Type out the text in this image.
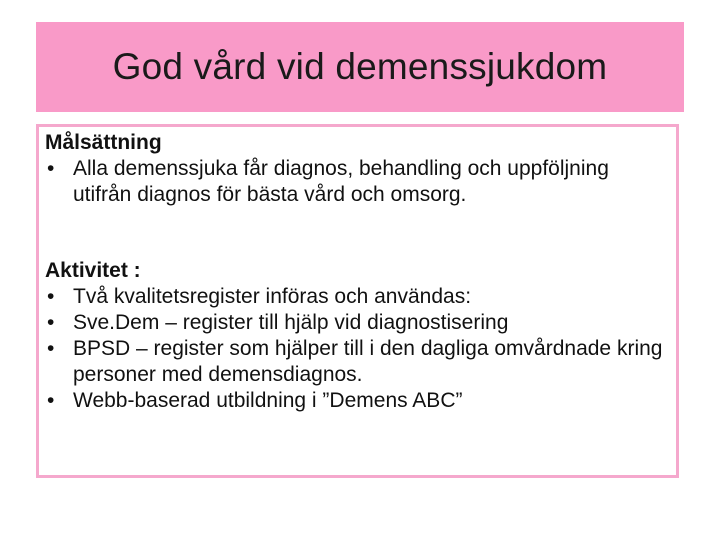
God vård vid demenssjukdom

Målsättning

• Alla demenssjuka får diagnos, behandling och uppföljning utifrån diagnos för bästa vård och omsorg.

Aktivitet :

• Två kvalitetsregister införas och användas:
• Sve.Dem – register till hjälp vid diagnostisering
• BPSD – register som hjälper till i den dagliga omvårdnade kring personer med demensdiagnos.
• Webb-baserad utbildning i ”Demens ABC”
